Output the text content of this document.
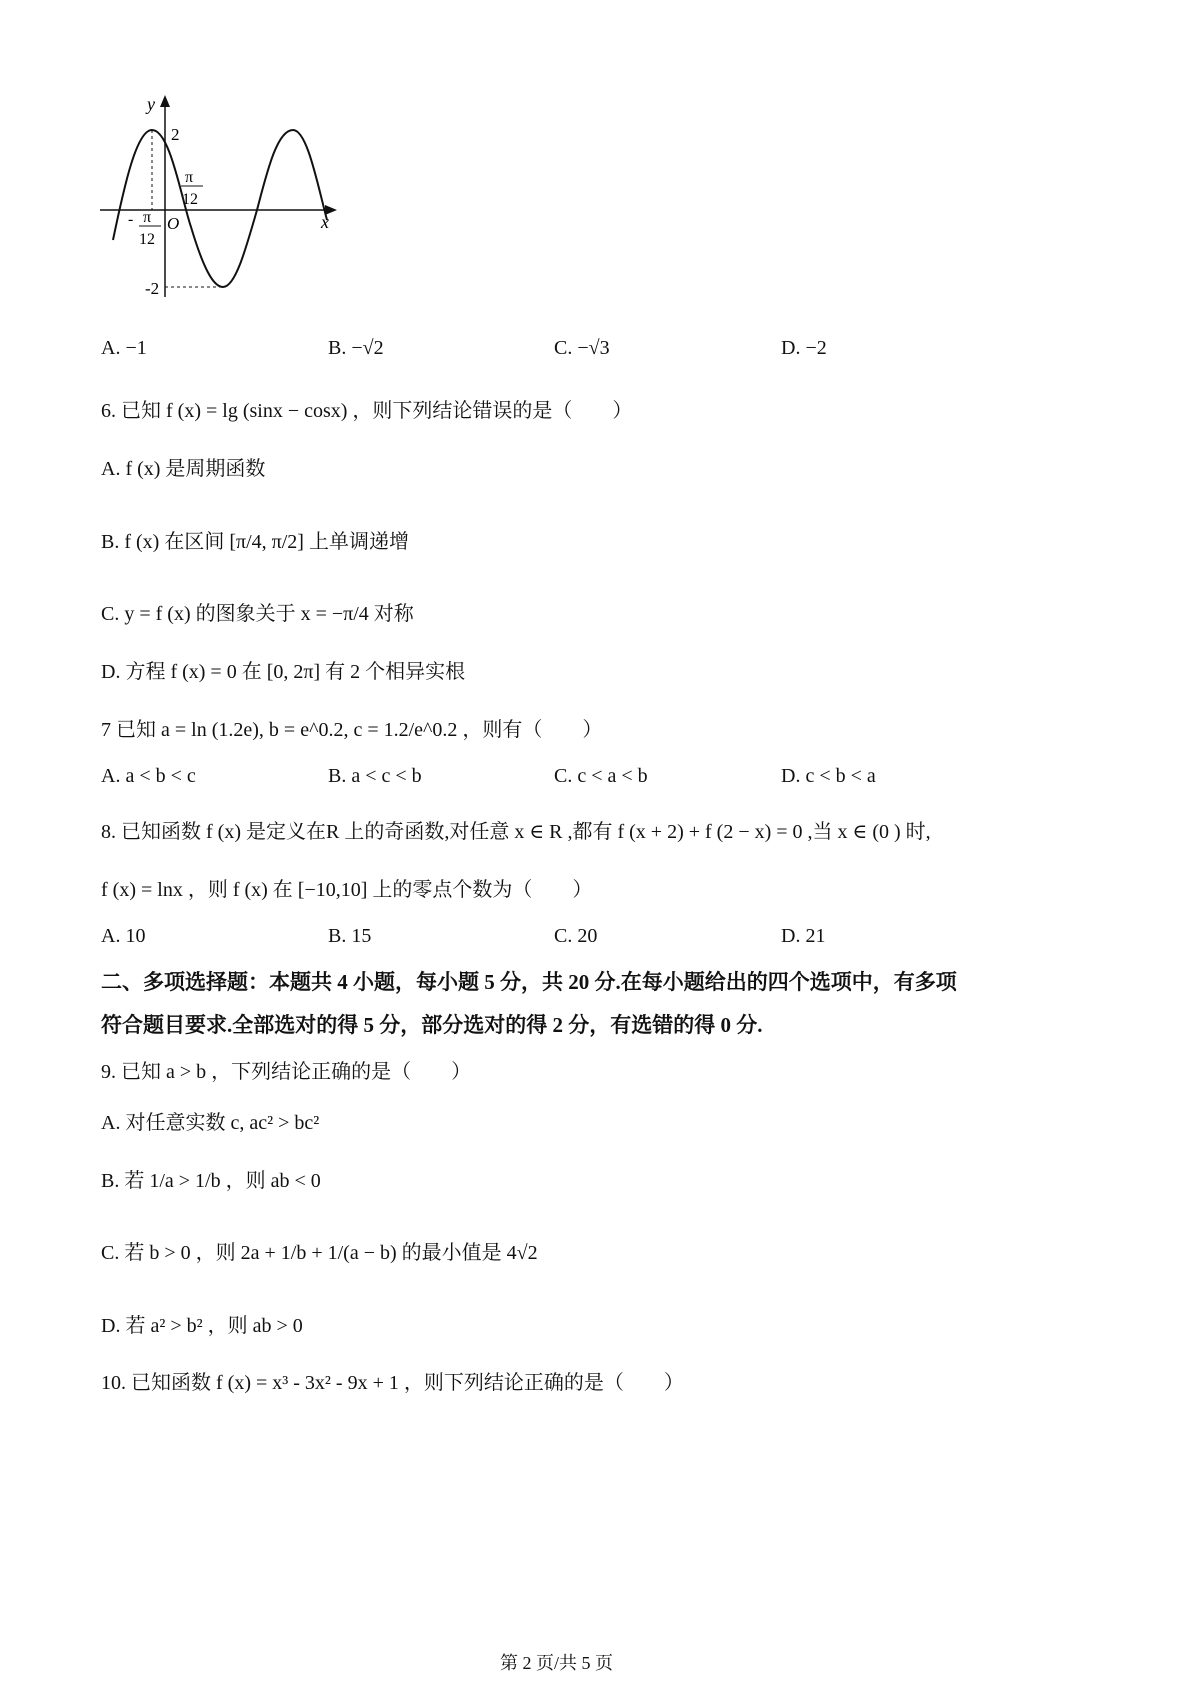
y
x
O
2
-2
π
12
- π
12
A. −1	B. −√2	C. −√3	D. −2
6. 已知 f (x) = lg (sinx − cosx) ，则下列结论错误的是（　　）
A. f (x) 是周期函数
B. f (x) 在区间 [π/4, π/2] 上单调递增
C. y = f (x) 的图象关于 x = −π/4 对称
D. 方程 f (x) = 0 在 [0, 2π] 有 2 个相异实根
7 已知 a = ln (1.2e), b = e^0.2, c = 1.2/e^0.2 ，则有（　　）
A. a < b < c	B. a < c < b	C. c < a < b	D. c < b < a
8. 已知函数 f (x) 是定义在R 上的奇函数,对任意 x ∈ R ,都有 f (x + 2) + f (2 − x) = 0 ,当 x ∈ (0 ) 时,
f (x) = lnx ，则 f (x) 在 [−10,10] 上的零点个数为（　　）
A. 10	B. 15	C. 20	D. 21
二、多项选择题：本题共 4 小题，每小题 5 分，共 20 分.在每小题给出的四个选项中，有多项
符合题目要求.全部选对的得 5 分，部分选对的得 2 分，有选错的得 0 分.
9. 已知 a > b ，下列结论正确的是（　　）
A. 对任意实数 c, ac² > bc²
B. 若 1/a > 1/b ，则 ab < 0
C. 若 b > 0 ，则 2a + 1/b + 1/(a − b) 的最小值是 4√2
D. 若 a² > b² ，则 ab > 0
10. 已知函数 f (x) = x³ - 3x² - 9x + 1 ，则下列结论正确的是（　　）
第 2 页/共 5 页
